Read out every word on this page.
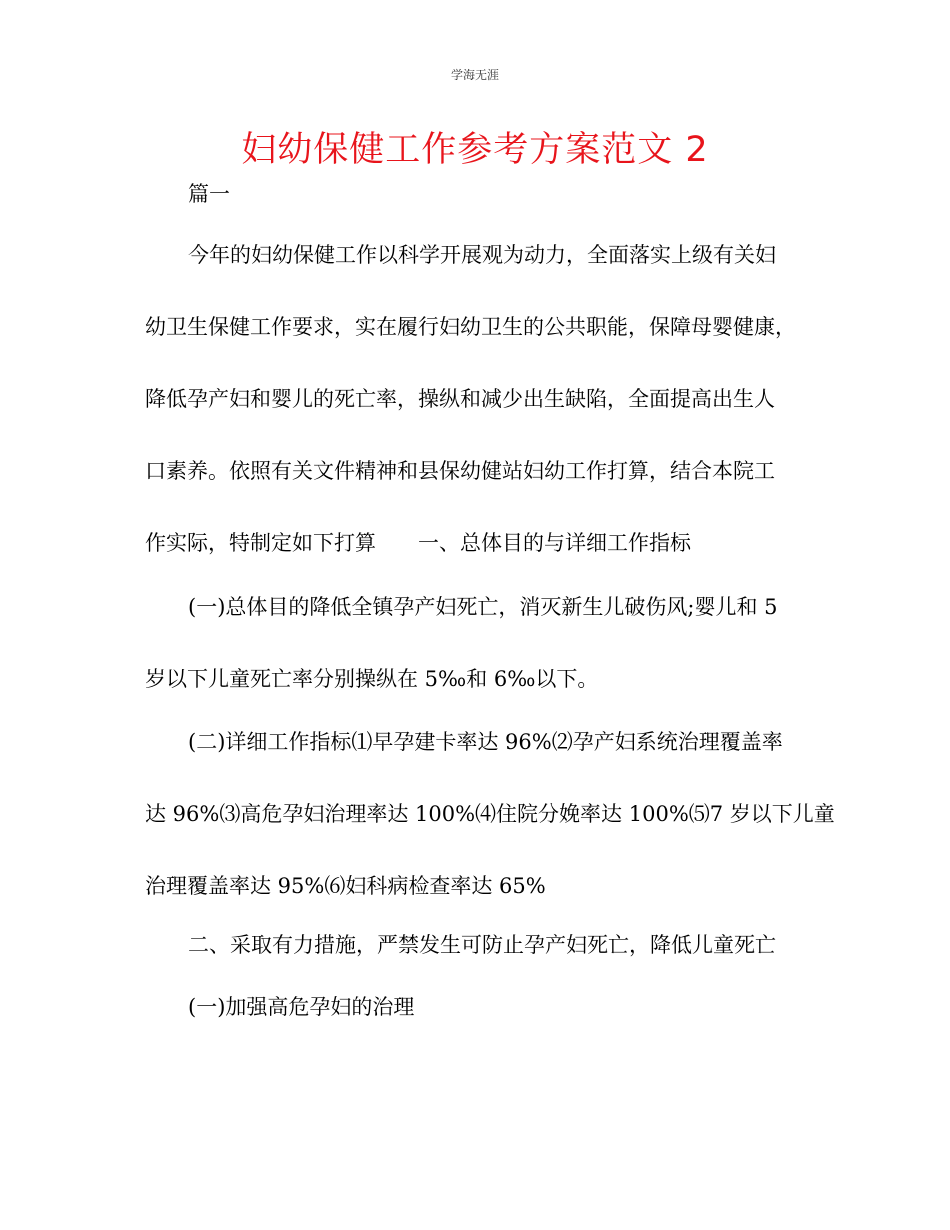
学海无涯
妇幼保健工作参考方案范文 2
篇一
今年的妇幼保健工作以科学开展观为动力，全面落实上级有关妇
幼卫生保健工作要求，实在履行妇幼卫生的公共职能，保障母婴健康，
降低孕产妇和婴儿的死亡率，操纵和减少出生缺陷，全面提高出生人
口素养。依照有关文件精神和县保幼健站妇幼工作打算，结合本院工
作实际，特制定如下打算　　一、总体目的与详细工作指标
(一)总体目的降低全镇孕产妇死亡，消灭新生儿破伤风;婴儿和 5
岁以下儿童死亡率分别操纵在 5‰和 6‰以下。
(二)详细工作指标⑴早孕建卡率达 96%⑵孕产妇系统治理覆盖率
达 96%⑶高危孕妇治理率达 100%⑷住院分娩率达 100%⑸7 岁以下儿童
治理覆盖率达 95%⑹妇科病检查率达 65%
二、采取有力措施，严禁发生可防止孕产妇死亡，降低儿童死亡
(一)加强高危孕妇的治理
